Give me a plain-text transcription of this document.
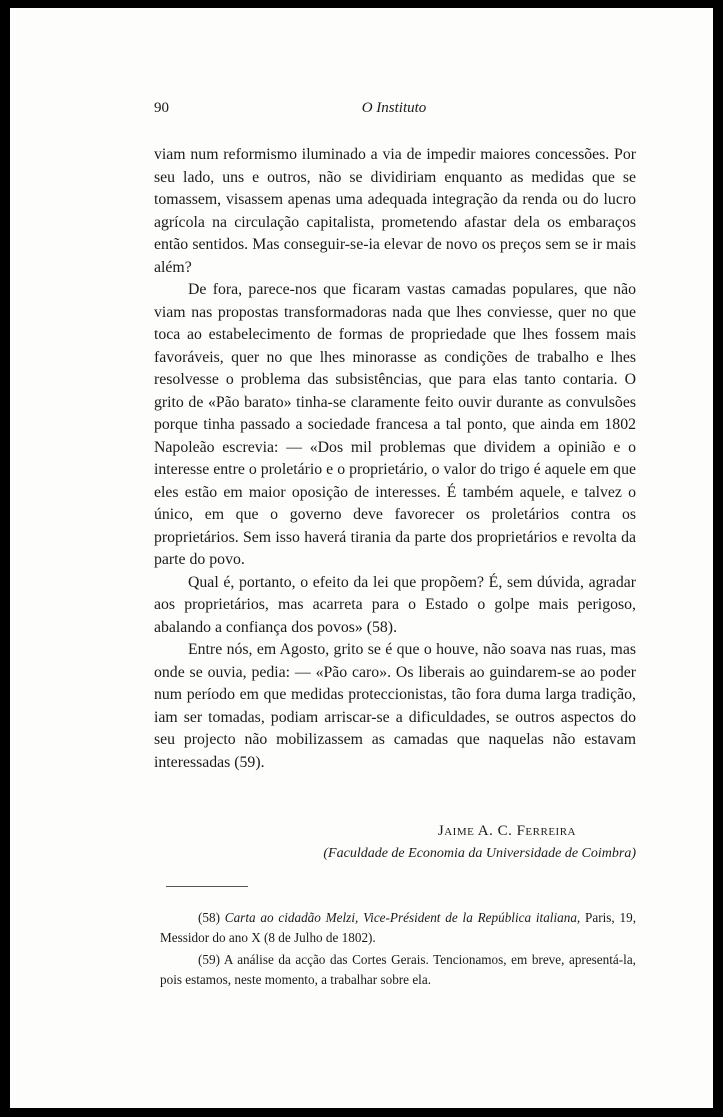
90	O Instituto

viam num reformismo iluminado a via de impedir maiores concessões. Por seu lado, uns e outros, não se dividiriam enquanto as medidas que se tomassem, visassem apenas uma adequada integração da renda ou do lucro agrícola na circulação capitalista, prometendo afastar dela os embaraços então sentidos. Mas conseguir-se-ia elevar de novo os preços sem se ir mais além?

De fora, parece-nos que ficaram vastas camadas populares, que não viam nas propostas transformadoras nada que lhes conviesse, quer no que toca ao estabelecimento de formas de propriedade que lhes fossem mais favoráveis, quer no que lhes minorasse as condições de trabalho e lhes resolvesse o problema das subsistências, que para elas tanto contaria. O grito de «Pão barato» tinha-se claramente feito ouvir durante as convulsões porque tinha passado a sociedade francesa a tal ponto, que ainda em 1802 Napoleão escrevia: — «Dos mil problemas que dividem a opinião e o interesse entre o proletário e o proprietário, o valor do trigo é aquele em que eles estão em maior oposição de interesses. É também aquele, e talvez o único, em que o governo deve favorecer os proletários contra os proprietários. Sem isso haverá tirania da parte dos proprietários e revolta da parte do povo.

Qual é, portanto, o efeito da lei que propõem? É, sem dúvida, agradar aos proprietários, mas acarreta para o Estado o golpe mais perigoso, abalando a confiança dos povos» (58).

Entre nós, em Agosto, grito se é que o houve, não soava nas ruas, mas onde se ouvia, pedia: — «Pão caro». Os liberais ao guindarem-se ao poder num período em que medidas proteccionistas, tão fora duma larga tradição, iam ser tomadas, podiam arriscar-se a dificuldades, se outros aspectos do seu projecto não mobilizassem as camadas que naquelas não estavam interessadas (59).

Jaime A. C. Ferreira
(Faculdade de Economia da Universidade de Coimbra)

(58) Carta ao cidadão Melzi, Vice-Président de la República italiana, Paris, 19, Messidor do ano X (8 de Julho de 1802).

(59) A análise da acção das Cortes Gerais. Tencionamos, em breve, apresentá-la, pois estamos, neste momento, a trabalhar sobre ela.
